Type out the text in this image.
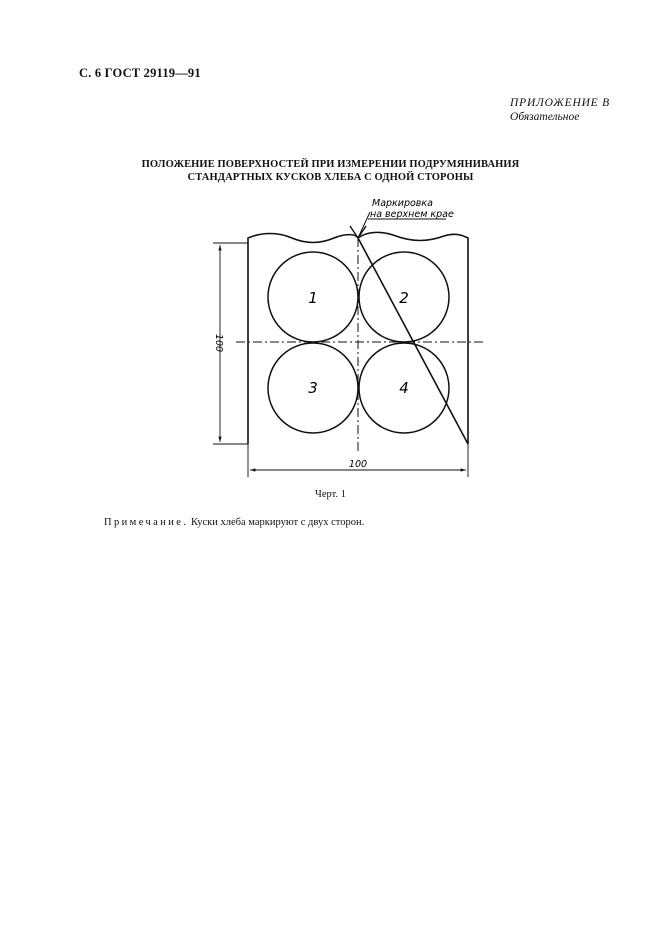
С. 6 ГОСТ 29119—91
ПРИЛОЖЕНИЕ В
Обязательное
ПОЛОЖЕНИЕ ПОВЕРХНОСТЕЙ ПРИ ИЗМЕРЕНИИ ПОДРУМЯНИВАНИЯ
СТАНДАРТНЫХ КУСКОВ ХЛЕБА С ОДНОЙ СТОРОНЫ
1	2
3	4
Маркировка
на верхнем крае
100
100
Черт. 1
Примечание. Куски хлеба маркируют с двух сторон.
